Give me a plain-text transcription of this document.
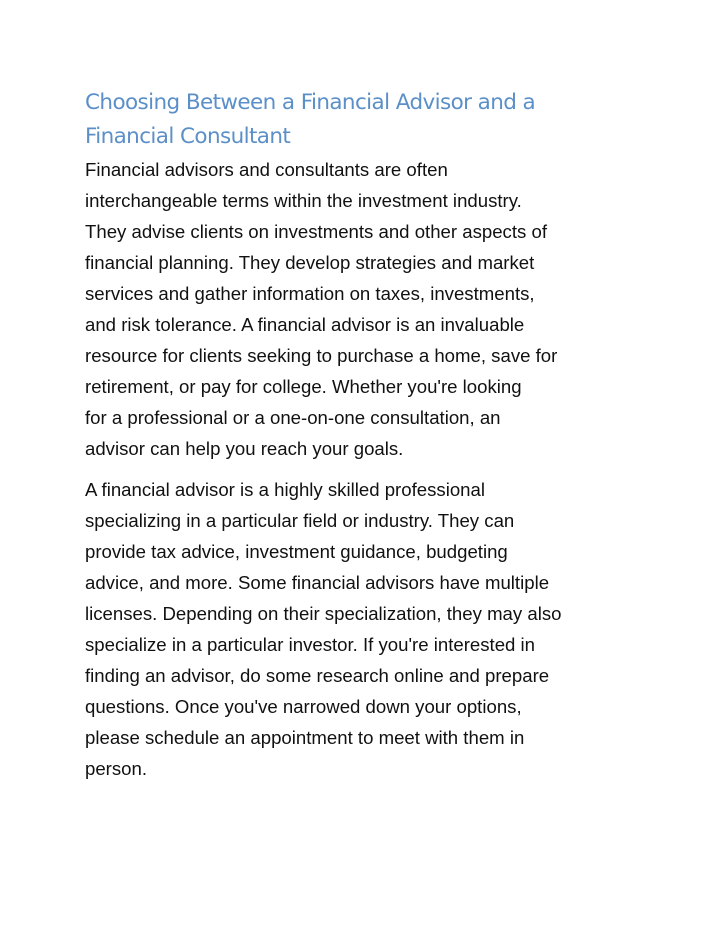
Choosing Between a Financial Advisor and a
Financial Consultant

Financial advisors and consultants are often
interchangeable terms within the investment industry.
They advise clients on investments and other aspects of
financial planning. They develop strategies and market
services and gather information on taxes, investments,
and risk tolerance. A financial advisor is an invaluable
resource for clients seeking to purchase a home, save for
retirement, or pay for college. Whether you're looking
for a professional or a one-on-one consultation, an
advisor can help you reach your goals.

A financial advisor is a highly skilled professional
specializing in a particular field or industry. They can
provide tax advice, investment guidance, budgeting
advice, and more. Some financial advisors have multiple
licenses. Depending on their specialization, they may also
specialize in a particular investor. If you're interested in
finding an advisor, do some research online and prepare
questions. Once you've narrowed down your options,
please schedule an appointment to meet with them in
person.
